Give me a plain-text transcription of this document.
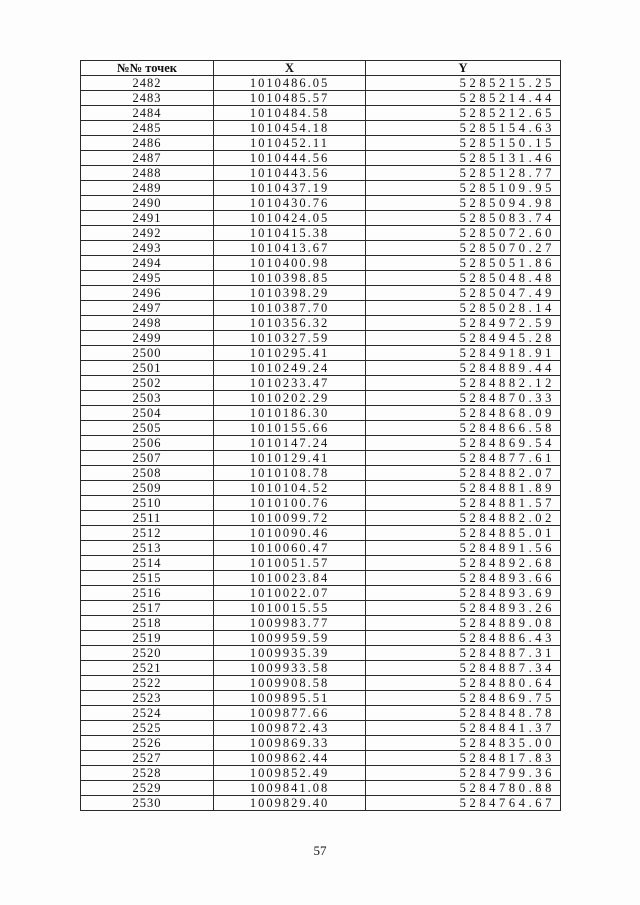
№№ точек	X	Y
2482	1010486.05	5285215.25
2483	1010485.57	5285214.44
2484	1010484.58	5285212.65
2485	1010454.18	5285154.63
2486	1010452.11	5285150.15
2487	1010444.56	5285131.46
2488	1010443.56	5285128.77
2489	1010437.19	5285109.95
2490	1010430.76	5285094.98
2491	1010424.05	5285083.74
2492	1010415.38	5285072.60
2493	1010413.67	5285070.27
2494	1010400.98	5285051.86
2495	1010398.85	5285048.48
2496	1010398.29	5285047.49
2497	1010387.70	5285028.14
2498	1010356.32	5284972.59
2499	1010327.59	5284945.28
2500	1010295.41	5284918.91
2501	1010249.24	5284889.44
2502	1010233.47	5284882.12
2503	1010202.29	5284870.33
2504	1010186.30	5284868.09
2505	1010155.66	5284866.58
2506	1010147.24	5284869.54
2507	1010129.41	5284877.61
2508	1010108.78	5284882.07
2509	1010104.52	5284881.89
2510	1010100.76	5284881.57
2511	1010099.72	5284882.02
2512	1010090.46	5284885.01
2513	1010060.47	5284891.56
2514	1010051.57	5284892.68
2515	1010023.84	5284893.66
2516	1010022.07	5284893.69
2517	1010015.55	5284893.26
2518	1009983.77	5284889.08
2519	1009959.59	5284886.43
2520	1009935.39	5284887.31
2521	1009933.58	5284887.34
2522	1009908.58	5284880.64
2523	1009895.51	5284869.75
2524	1009877.66	5284848.78
2525	1009872.43	5284841.37
2526	1009869.33	5284835.00
2527	1009862.44	5284817.83
2528	1009852.49	5284799.36
2529	1009841.08	5284780.88
2530	1009829.40	5284764.67
57
